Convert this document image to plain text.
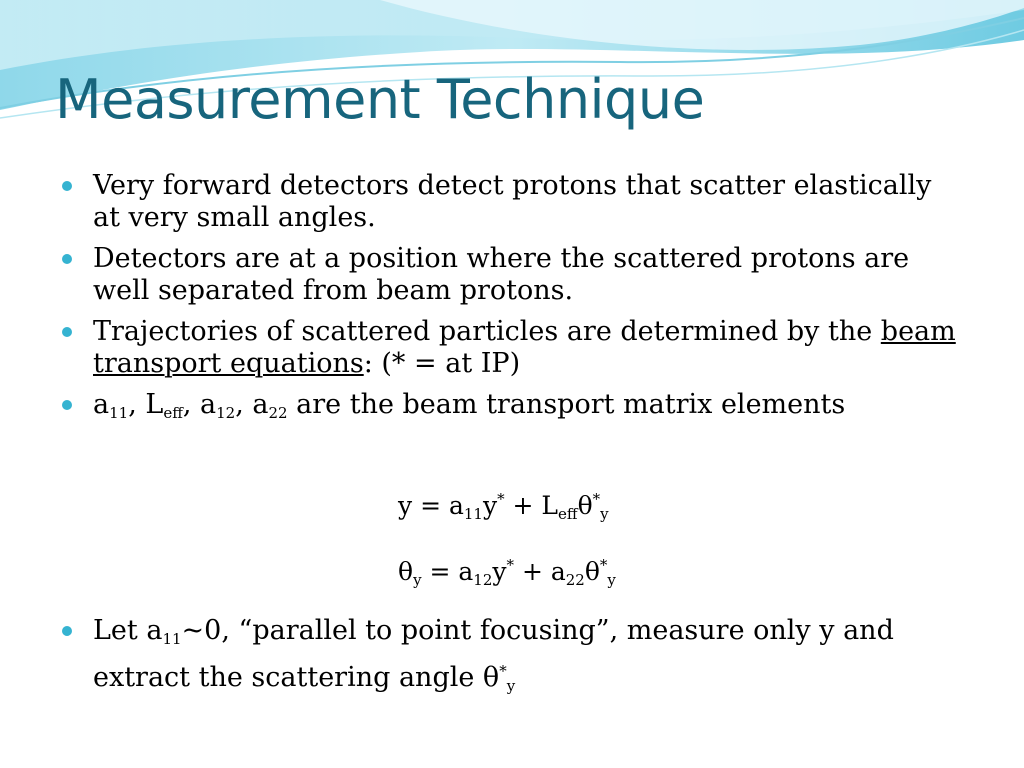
Measurement Technique
Very forward detectors detect protons that scatter elastically at very small angles.
Detectors are at a position where the scattered protons are well separated from beam protons.
Trajectories of scattered particles are determined by the beam transport equations: (* = at IP)
$a_{11}$, $L_{eff}$, $a_{12}$, $a_{22}$ are the beam transport matrix elements
$y = a_{11}y^* + L_{eff}\theta^*_y$
$\theta_y = a_{12}y^* + a_{22}\theta^*_y$
Let $a_{11}\sim 0$, “parallel to point focusing”, measure only y and extract the scattering angle $\theta^*_y$
